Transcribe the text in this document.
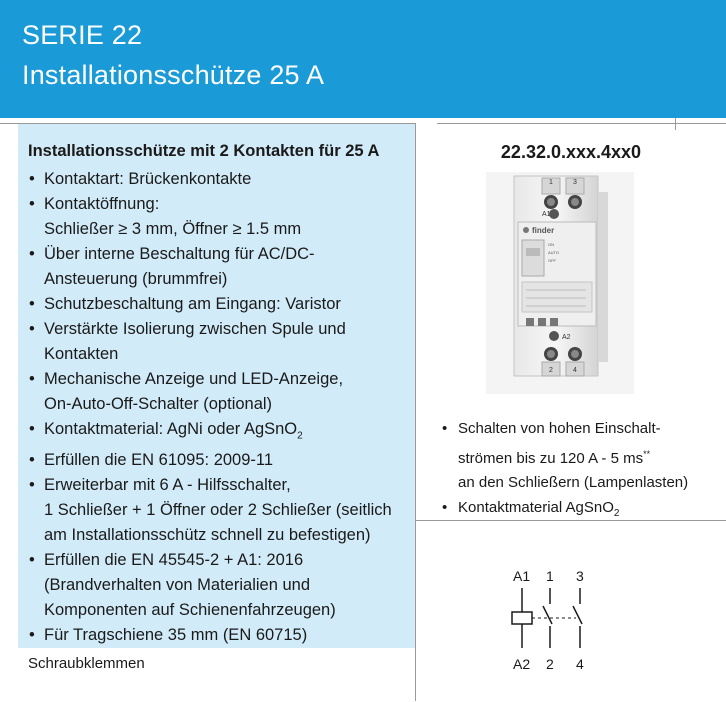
SERIE 22
Installationsschütze 25 A
Installationsschütze mit 2 Kontakten für 25 A
• Kontaktart: Brückenkontakte
• Kontaktöffnung:
Schließer ≥ 3 mm, Öffner ≥ 1.5 mm
• Über interne Beschaltung für AC/DC-
Ansteuerung (brummfrei)
• Schutzbeschaltung am Eingang: Varistor
• Verstärkte Isolierung zwischen Spule und
Kontakten
• Mechanische Anzeige und LED-Anzeige,
On-Auto-Off-Schalter (optional)
• Kontaktmaterial: AgNi oder AgSnO$_2$
• Erfüllen die EN 61095: 2009-11
• Erweiterbar mit 6 A - Hilfsschalter,
1 Schließer + 1 Öffner oder 2 Schließer (seitlich
am Installationsschütz schnell zu befestigen)
• Erfüllen die EN 45545-2 + A1: 2016
(Brandverhalten von Materialien und
Komponenten auf Schienenfahrzeugen)
• Für Tragschiene 35 mm (EN 60715)
Schraubklemmen
22.32.0.xxx.4xx0
1	3
A1
finder
ON
AUTO
OFF
A2
2	4
• Schalten von hohen Einschalt-
strömen bis zu 120 A - 5 ms**
an den Schließern (Lampenlasten)
• Kontaktmaterial AgSnO$_2$
A1 1 3
A2 2 4
